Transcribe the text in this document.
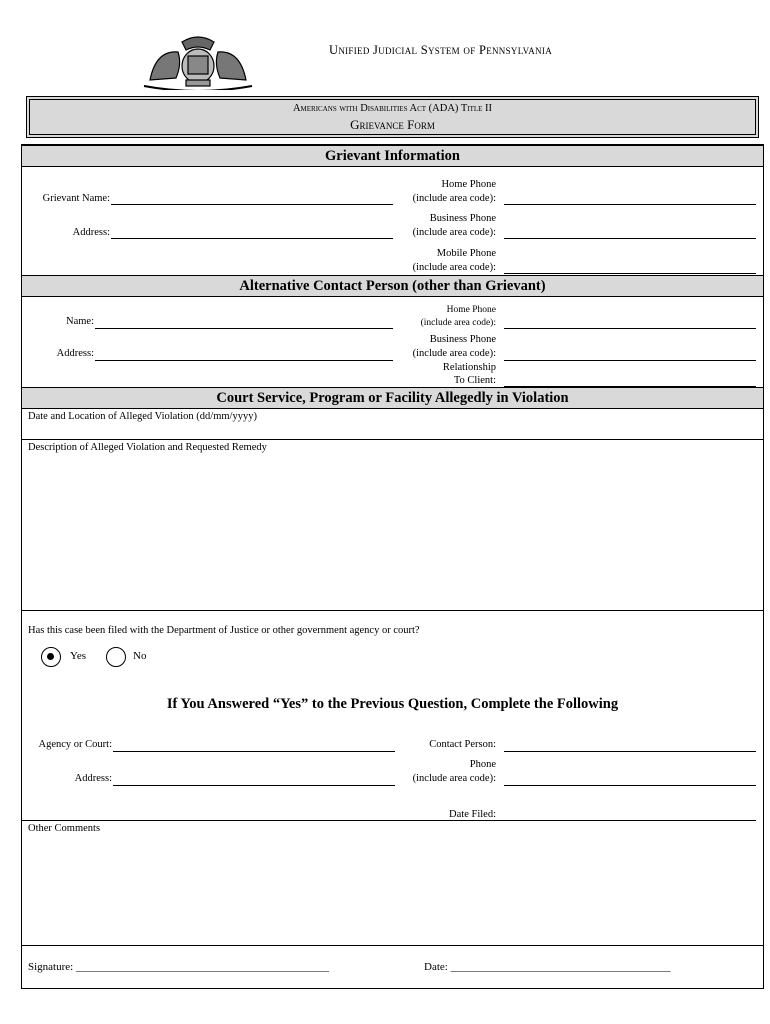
Unified Judicial System of Pennsylvania
Americans with Disabilities Act (ADA) Title II
Grievance Form
Grievant Information
Grievant Name:
Address:
Home Phone
(include area code):
Business Phone
(include area code):
Mobile Phone
(include area code):
Alternative Contact Person (other than Grievant)
Name:
Address:
Home Phone
(include area code):
Business Phone
(include area code):
Relationship
To Client:
Court Service, Program or Facility Allegedly in Violation
Date and Location of Alleged Violation (dd/mm/yyyy)
Description of Alleged Violation and Requested Remedy
Has this case been filed with the Department of Justice or other government agency or court?
Yes	No
If You Answered “Yes” to the Previous Question, Complete the Following
Agency or Court:
Address:
Contact Person:
Phone
(include area code):
Date Filed:
Other Comments
Signature: ______________________________________________	Date: ________________________________________
